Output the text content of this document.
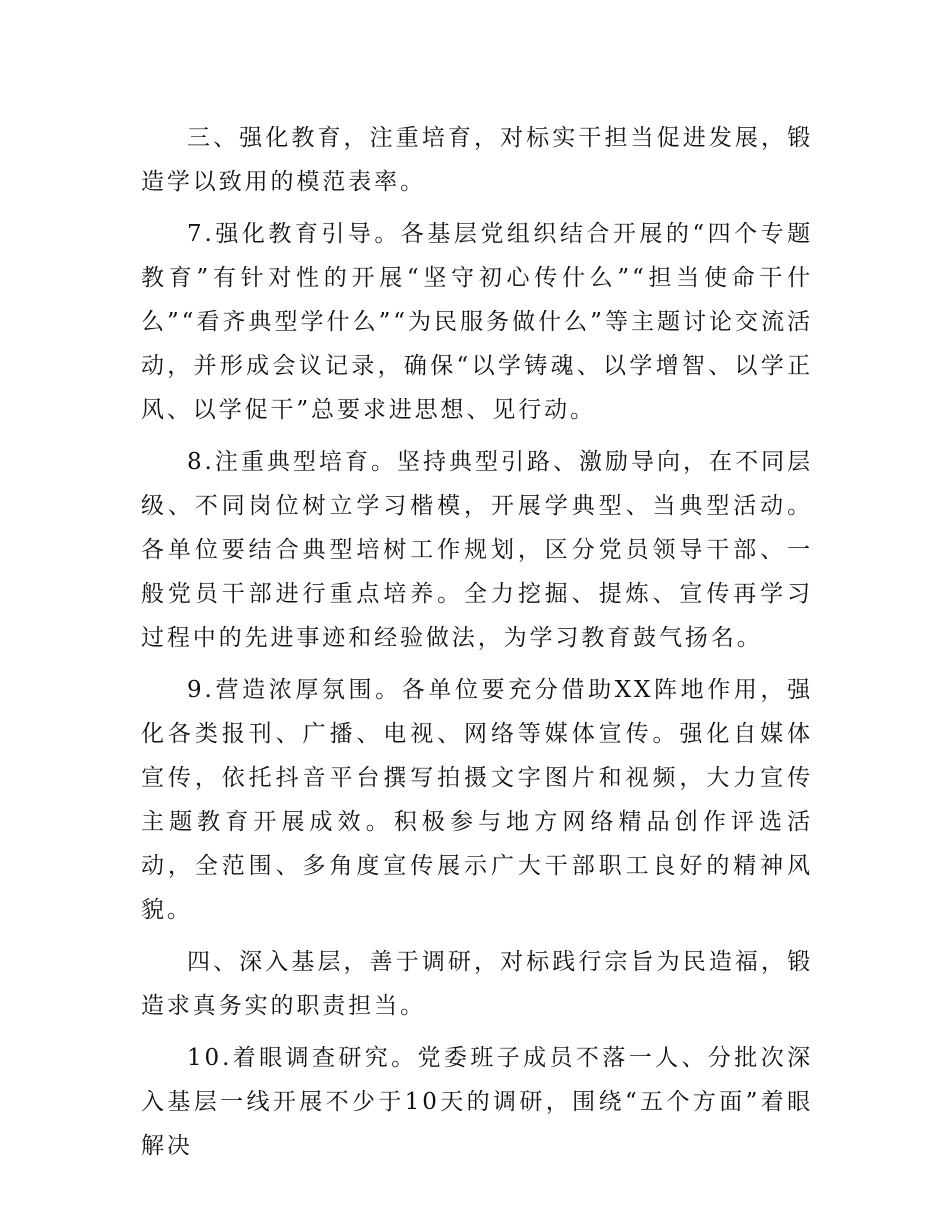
三、强化教育，注重培育，对标实干担当促进发展，锻造学以致用的模范表率。

7.强化教育引导。各基层党组织结合开展的“四个专题教育”有针对性的开展“坚守初心传什么”“担当使命干什么”“看齐典型学什么”“为民服务做什么”等主题讨论交流活动，并形成会议记录，确保“以学铸魂、以学增智、以学正风、以学促干”总要求进思想、见行动。

8.注重典型培育。坚持典型引路、激励导向，在不同层级、不同岗位树立学习楷模，开展学典型、当典型活动。各单位要结合典型培树工作规划，区分党员领导干部、一般党员干部进行重点培养。全力挖掘、提炼、宣传再学习过程中的先进事迹和经验做法，为学习教育鼓气扬名。

9.营造浓厚氛围。各单位要充分借助XX阵地作用，强化各类报刊、广播、电视、网络等媒体宣传。强化自媒体宣传，依托抖音平台撰写拍摄文字图片和视频，大力宣传主题教育开展成效。积极参与地方网络精品创作评选活动，全范围、多角度宣传展示广大干部职工良好的精神风貌。

四、深入基层，善于调研，对标践行宗旨为民造福，锻造求真务实的职责担当。

10.着眼调查研究。党委班子成员不落一人、分批次深入基层一线开展不少于10天的调研，围绕“五个方面”着眼解决
